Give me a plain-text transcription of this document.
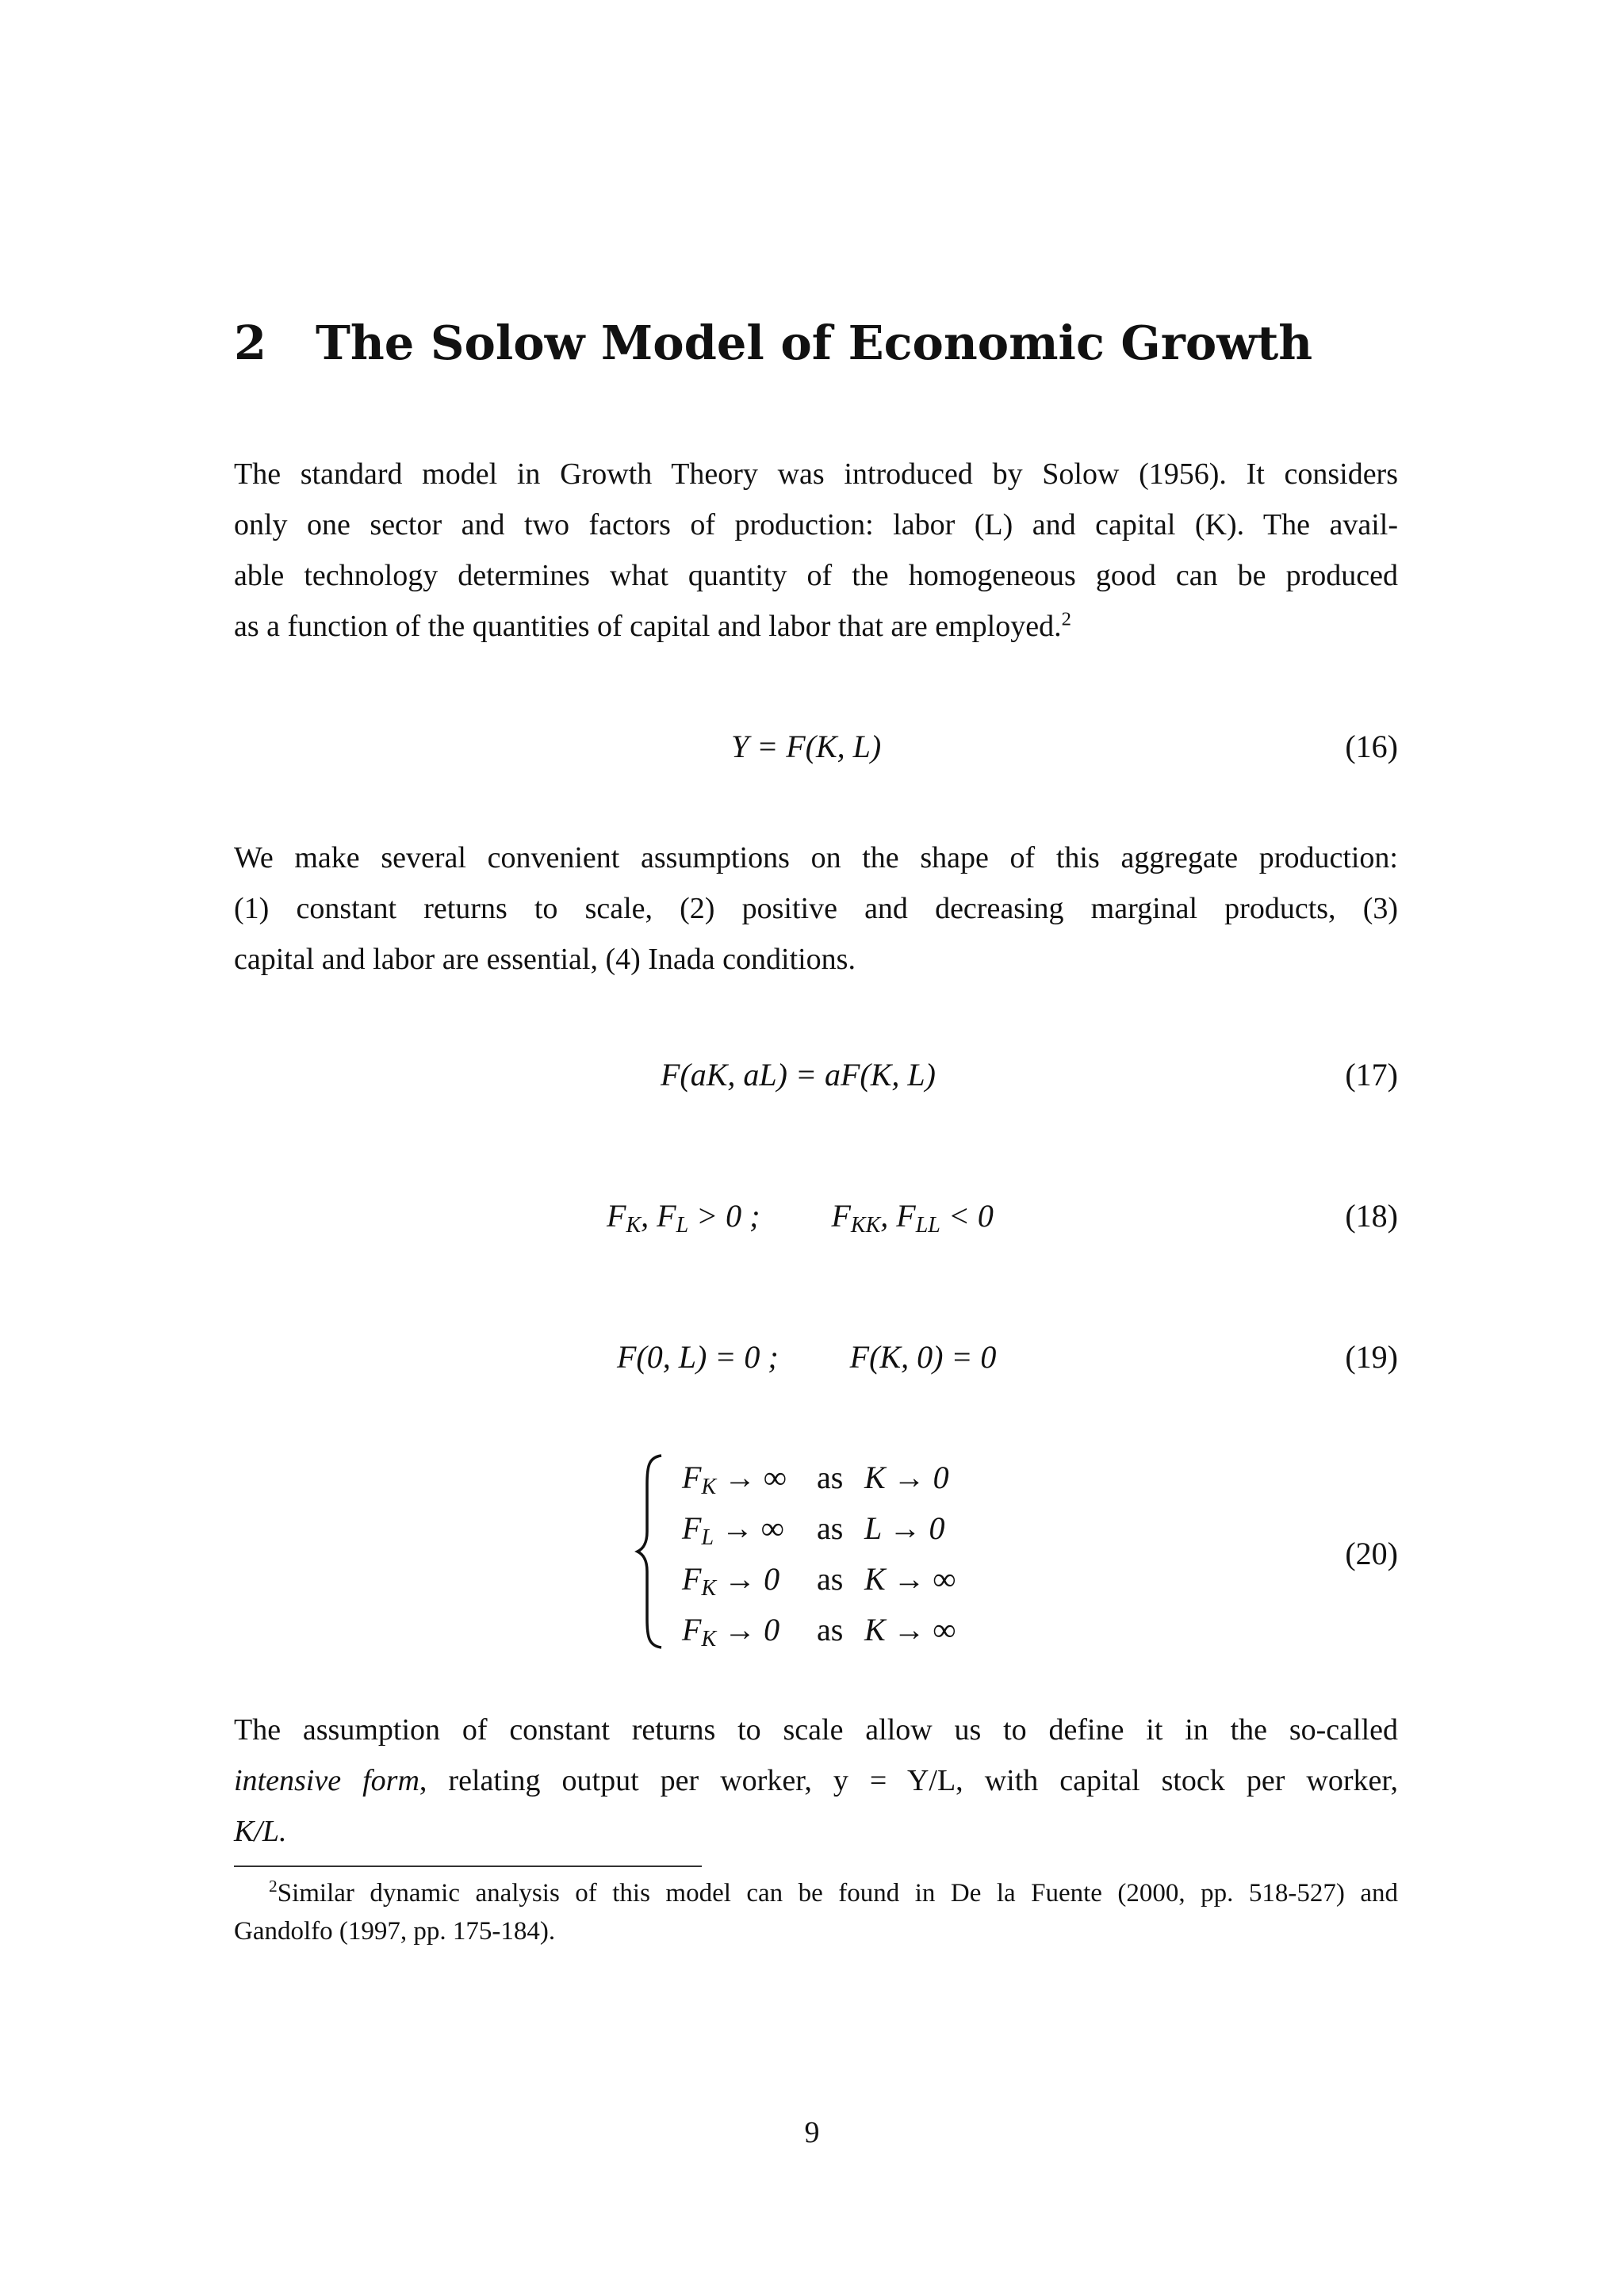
2 The Solow Model of Economic Growth
The standard model in Growth Theory was introduced by Solow (1956). It considers
only one sector and two factors of production: labor (L) and capital (K). The avail-
able technology determines what quantity of the homogeneous good can be produced
as a function of the quantities of capital and labor that are employed.$^2$
Y = F(K, L)	(16)
We make several convenient assumptions on the shape of this aggregate production:
(1) constant returns to scale, (2) positive and decreasing marginal products, (3)
capital and labor are essential, (4) Inada conditions.
F(aK, aL) = aF(K, L)	(17)
$F_K$, $F_L > 0$ ; $F_{KK}$, $F_{LL} < 0$	(18)
F(0, L) = 0 ; F(K, 0) = 0	(19)
$F_K$ → ∞ as K → 0
$F_L$ → ∞ as L → 0
$F_K \to 0$ as K → ∞
$F_K \to 0$ as K → ∞
(20)
The assumption of constant returns to scale allow us to define it in the so-called
intensive form, relating output per worker, y = Y/L, with capital stock per worker,
K/L.
$^2$Similar dynamic analysis of this model can be found in De la Fuente (2000, pp. 518-527) and
Gandolfo (1997, pp. 175-184).
9
